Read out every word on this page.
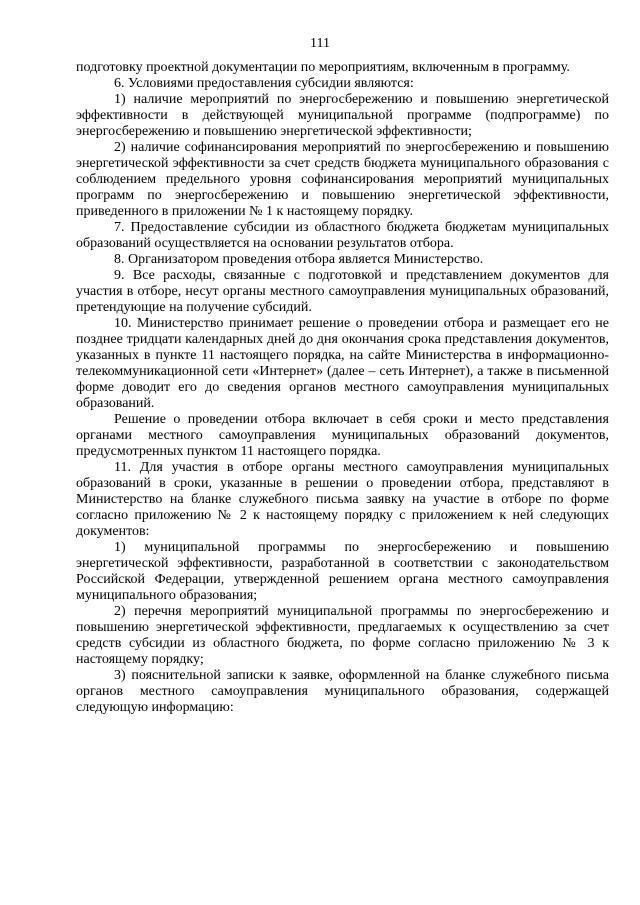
111

подготовку проектной документации по мероприятиям, включенным в программу.

6. Условиями предоставления субсидии являются:

1) наличие мероприятий по энергосбережению и повышению энергетической эффективности в действующей муниципальной программе (подпрограмме) по энергосбережению и повышению энергетической эффективности;

2) наличие софинансирования мероприятий по энергосбережению и повышению энергетической эффективности за счет средств бюджета муниципального образования с соблюдением предельного уровня софинансирования мероприятий муниципальных программ по энергосбережению и повышению энергетической эффективности, приведенного в приложении № 1 к настоящему порядку.

7. Предоставление субсидии из областного бюджета бюджетам муниципальных образований осуществляется на основании результатов отбора.

8. Организатором проведения отбора является Министерство.

9. Все расходы, связанные с подготовкой и представлением документов для участия в отборе, несут органы местного самоуправления муниципальных образований, претендующие на получение субсидий.

10. Министерство принимает решение о проведении отбора и размещает его не позднее тридцати календарных дней до дня окончания срока представления документов, указанных в пункте 11 настоящего порядка, на сайте Министерства в информационно-телекоммуникационной сети «Интернет» (далее – сеть Интернет), а также в письменной форме доводит его до сведения органов местного самоуправления муниципальных образований.

Решение о проведении отбора включает в себя сроки и место представления органами местного самоуправления муниципальных образований документов, предусмотренных пунктом 11 настоящего порядка.

11. Для участия в отборе органы местного самоуправления муниципальных образований в сроки, указанные в решении о проведении отбора, представляют в Министерство на бланке служебного письма заявку на участие в отборе по форме согласно приложению № 2 к настоящему порядку с приложением к ней следующих документов:

1) муниципальной программы по энергосбережению и повышению энергетической эффективности, разработанной в соответствии с законодательством Российской Федерации, утвержденной решением органа местного самоуправления муниципального образования;

2) перечня мероприятий муниципальной программы по энергосбережению и повышению энергетической эффективности, предлагаемых к осуществлению за счет средств субсидии из областного бюджета, по форме согласно приложению № 3 к настоящему порядку;

3) пояснительной записки к заявке, оформленной на бланке служебного письма органов местного самоуправления муниципального образования, содержащей следующую информацию:
